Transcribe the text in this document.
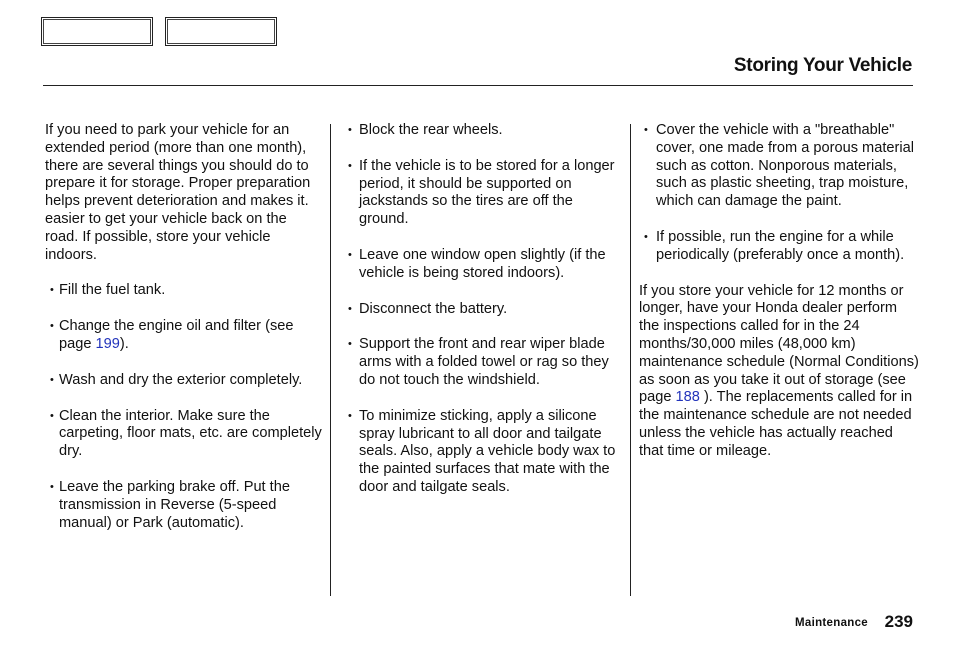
Storing Your Vehicle

If you need to park your vehicle for an extended period (more than one month), there are several things you should do to prepare it for storage. Proper preparation helps prevent deterioration and makes it. easier to get your vehicle back on the road. If possible, store your vehicle indoors.

• Fill the fuel tank.
• Change the engine oil and filter (see page 199).
• Wash and dry the exterior completely.
• Clean the interior. Make sure the carpeting, floor mats, etc. are completely dry.
• Leave the parking brake off. Put the transmission in Reverse (5-speed manual) or Park (automatic).
• Block the rear wheels.
• If the vehicle is to be stored for a longer period, it should be supported on jackstands so the tires are off the ground.
• Leave one window open slightly (if the vehicle is being stored indoors).
• Disconnect the battery.
• Support the front and rear wiper blade arms with a folded towel or rag so they do not touch the windshield.
• To minimize sticking, apply a silicone spray lubricant to all door and tailgate seals. Also, apply a vehicle body wax to the painted surfaces that mate with the door and tailgate seals.
• Cover the vehicle with a "breathable" cover, one made from a porous material such as cotton. Nonporous materials, such as plastic sheeting, trap moisture, which can damage the paint.
• If possible, run the engine for a while periodically (preferably once a month).

If you store your vehicle for 12 months or longer, have your Honda dealer perform the inspections called for in the 24 months/30,000 miles (48,000 km) maintenance schedule (Normal Conditions) as soon as you take it out of storage (see page 188 ). The replacements called for in the maintenance schedule are not needed unless the vehicle has actually reached that time or mileage.

Maintenance 239
